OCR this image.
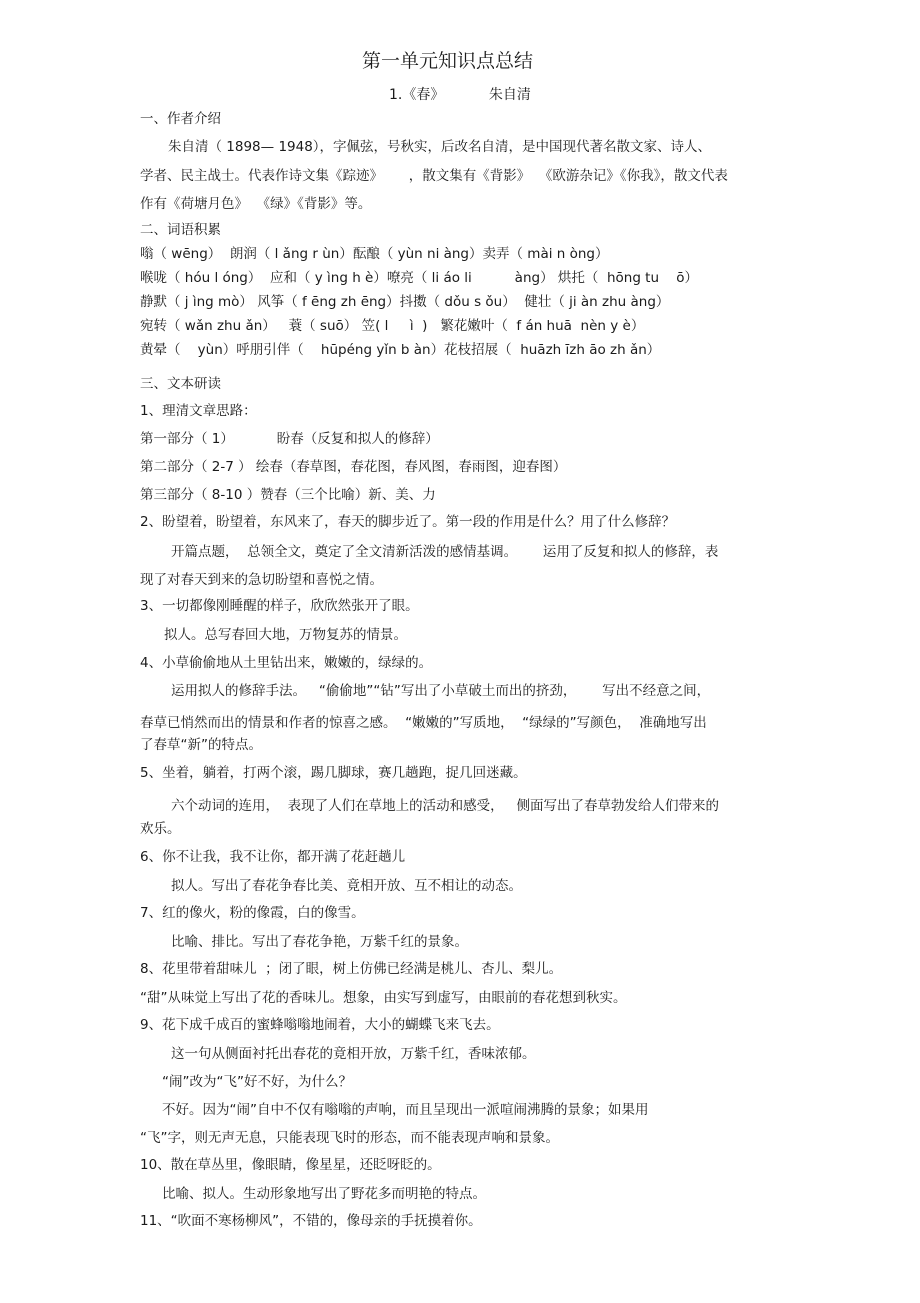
第一单元知识点总结
1.《春》          朱自清
一、作者介绍
朱自清（ 1898— 1948），字佩弦，号秋实，后改名自清，是中国现代著名散文家、诗人、
学者、民主战士。代表作诗文集《踪迹》      ，散文集有《背影》  《欧游杂记》《你我》，散文代表
作有《荷塘月色》  《绿》《背影》等。
二、词语积累
嗡（ wēng）  朗润（ l ǎng r ùn）酝酿（ yùn ni àng）卖弄（ mài n òng）
喉咙（ hóu l óng）  应和（ y ìng h è）嘹亮（ li áo li          àng） 烘托（  hōng tu    ō）
静默（ j ìng mò） 风筝（ f ēng zh ēng）抖擞（ dǒu s ǒu）  健壮（ ji àn zhu àng）
宛转（ wǎn zhu ǎn）   蓑（ suō） 笠( l     ì  )   繁花嫩叶（  f án huā  nèn y è）
黄晕（    yùn）呼朋引伴（    hūpéng yǐn b àn）花枝招展（  huāzh īzh āo zh ǎn）
三、文本研读
1、理清文章思路：
第一部分（ 1）          盼春（反复和拟人的修辞）
第二部分（ 2-7 ） 绘春（春草图，春花图，春风图，春雨图，迎春图）
第三部分（ 8-10 ）赞春（三个比喻）新、美、力
2、盼望着，盼望着，东风来了，春天的脚步近了。第一段的作用是什么？用了什么修辞？
开篇点题，  总领全文，奠定了全文清新活泼的感情基调。      运用了反复和拟人的修辞，表
现了对春天到来的急切盼望和喜悦之情。
3、一切都像刚睡醒的样子，欣欣然张开了眼。
拟人。总写春回大地，万物复苏的情景。
4、小草偷偷地从土里钻出来，嫩嫩的，绿绿的。
运用拟人的修辞手法。   “偷偷地”“钻”写出了小草破土而出的挤劲，      写出不经意之间，
春草已悄然而出的情景和作者的惊喜之感。  “嫩嫩的”写质地，  “绿绿的”写颜色，  准确地写出
了春草“新”的特点。
5、坐着，躺着，打两个滚，踢几脚球，赛几趟跑，捉几回迷藏。
六个动词的连用，  表现了人们在草地上的活动和感受，   侧面写出了春草勃发给人们带来的
欢乐。
6、你不让我，我不让你，都开满了花赶趟儿
拟人。写出了春花争春比美、竟相开放、互不相让的动态。
7、红的像火，粉的像霞，白的像雪。
比喻、排比。写出了春花争艳，万紫千红的景象。
8、花里带着甜味儿  ；闭了眼，树上仿佛已经满是桃儿、杏儿、梨儿。
“甜”从味觉上写出了花的香味儿。想象，由实写到虚写，由眼前的春花想到秋实。
9、花下成千成百的蜜蜂嗡嗡地闹着，大小的蝴蝶飞来飞去。
这一句从侧面衬托出春花的竟相开放，万紫千红，香味浓郁。
“闹”改为“飞”好不好，为什么？
不好。因为“闹”自中不仅有嗡嗡的声响，而且呈现出一派喧闹沸腾的景象；如果用
“飞”字，则无声无息，只能表现飞时的形态，而不能表现声响和景象。
10、散在草丛里，像眼睛，像星星，还眨呀眨的。
比喻、拟人。生动形象地写出了野花多而明艳的特点。
11、“吹面不寒杨柳风”，不错的，像母亲的手抚摸着你。
